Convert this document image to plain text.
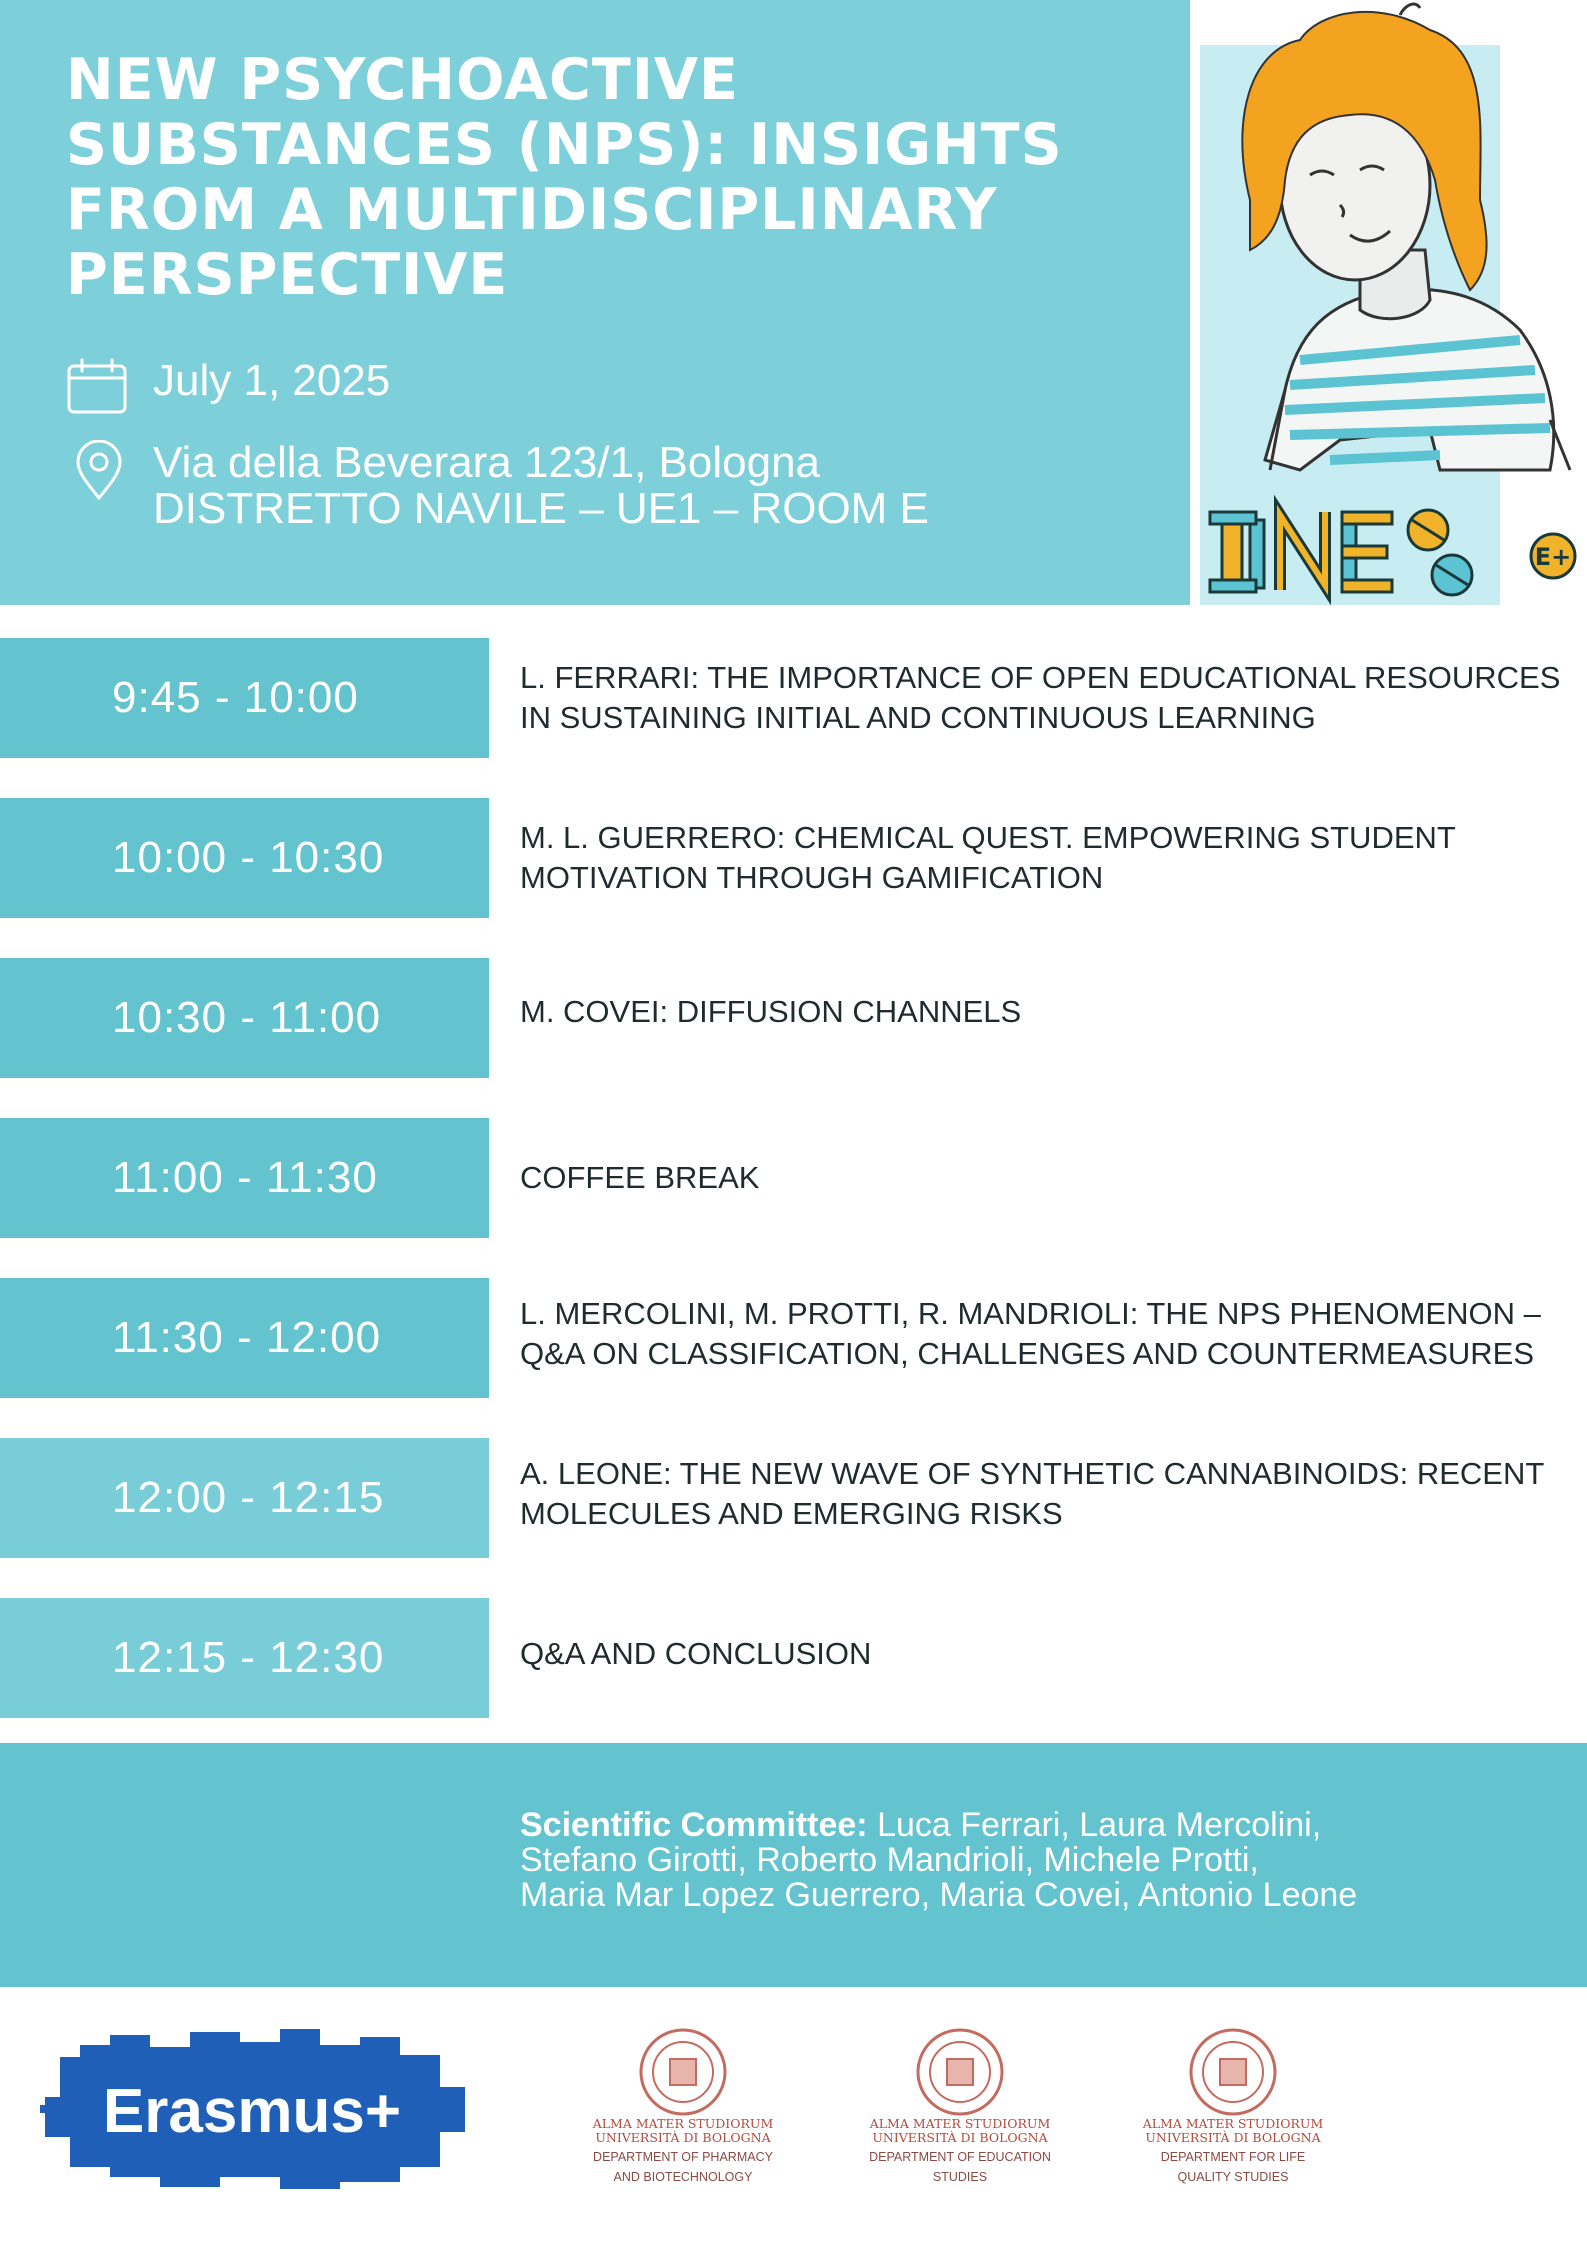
NEW PSYCHOACTIVE SUBSTANCES (NPS): INSIGHTS FROM A MULTIDISCIPLINARY PERSPECTIVE
July 1, 2025
Via della Beverara 123/1, Bologna
DISTRETTO NAVILE – UE1 – ROOM E
E+
9:45 - 10:00	L. FERRARI: THE IMPORTANCE OF OPEN EDUCATIONAL RESOURCES IN SUSTAINING INITIAL AND CONTINUOUS LEARNING
10:00 - 10:30	M. L. GUERRERO: CHEMICAL QUEST. EMPOWERING STUDENT MOTIVATION THROUGH GAMIFICATION
10:30 - 11:00	M. COVEI: DIFFUSION CHANNELS
11:00 - 11:30	COFFEE BREAK
11:30 - 12:00	L. MERCOLINI, M. PROTTI, R. MANDRIOLI: THE NPS PHENOMENON – Q&A ON CLASSIFICATION, CHALLENGES AND COUNTERMEASURES
12:00 - 12:15	A. LEONE: THE NEW WAVE OF SYNTHETIC CANNABINOIDS: RECENT MOLECULES AND EMERGING RISKS
12:15 - 12:30	Q&A AND CONCLUSION
Scientific Committee: Luca Ferrari, Laura Mercolini,
Stefano Girotti, Roberto Mandrioli, Michele Protti,
Maria Mar Lopez Guerrero, Maria Covei, Antonio Leone
Erasmus+	ALMA MATER STUDIORUM
UNIVERSITÀ DI BOLOGNA
DEPARTMENT OF PHARMACY
AND BIOTECHNOLOGY
ALMA MATER STUDIORUM
UNIVERSITÀ DI BOLOGNA
DEPARTMENT OF EDUCATION
STUDIES
ALMA MATER STUDIORUM
UNIVERSITÀ DI BOLOGNA
DEPARTMENT FOR LIFE
QUALITY STUDIES
